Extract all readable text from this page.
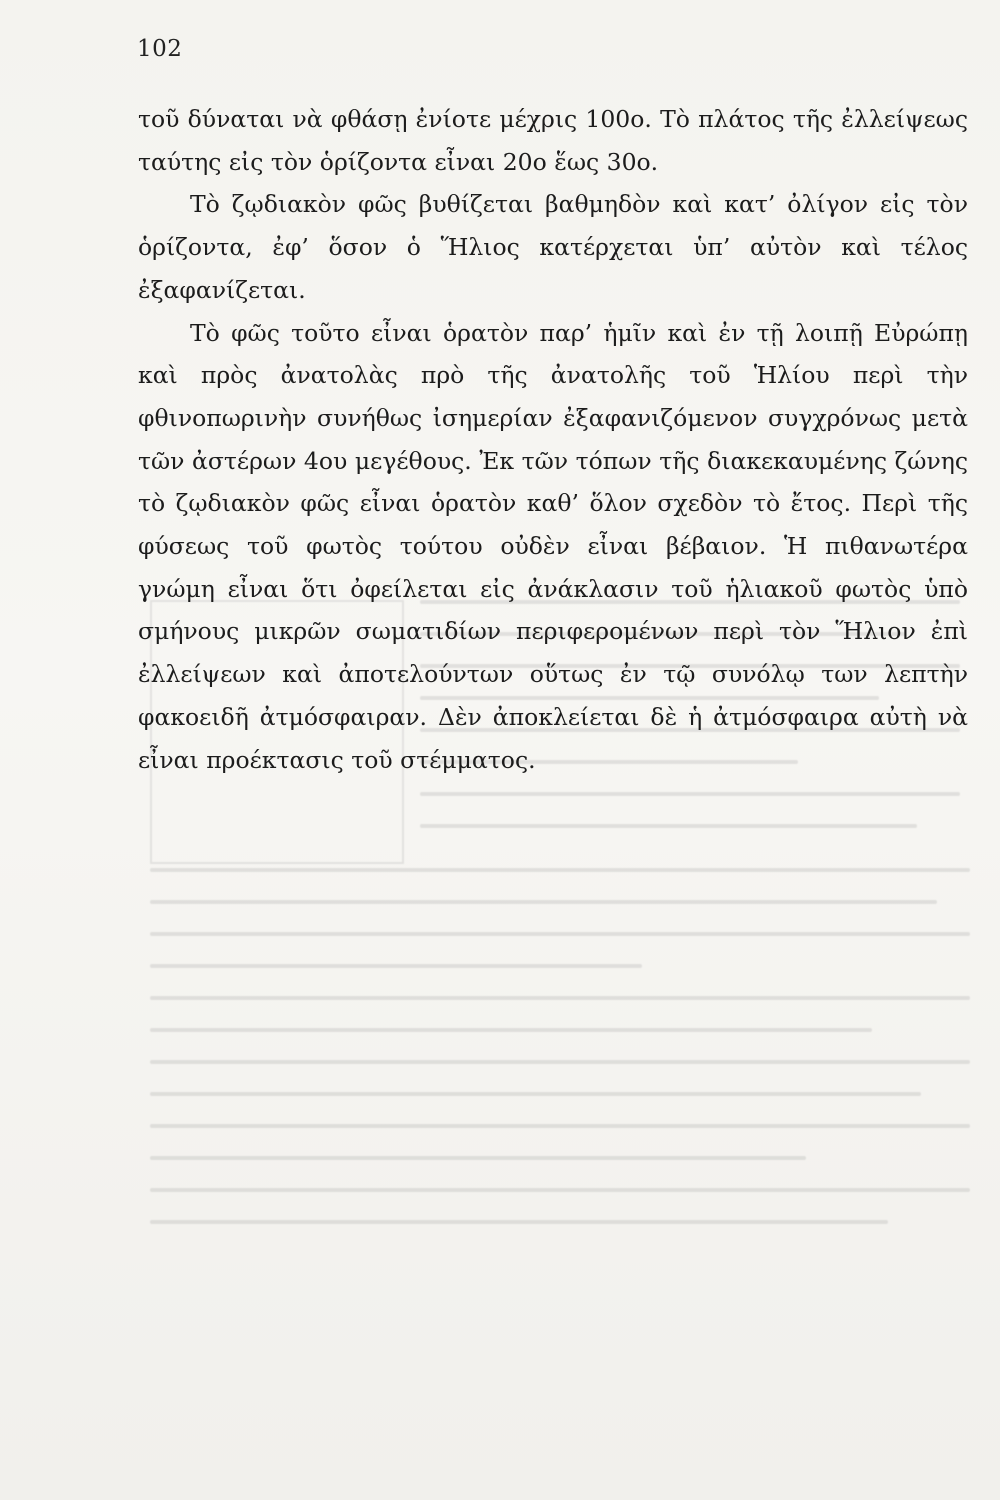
102

τοῦ δύναται νὰ φθάσῃ ἐνίοτε μέχρις 100ο. Τὸ πλάτος τῆς ἐλλείψεως ταύτης εἰς τὸν ὁρίζοντα εἶναι 20ο ἕως 30ο.

Τὸ ζῳδιακὸν φῶς βυθίζεται βαθμηδὸν καὶ κατ’ ὀλίγον εἰς τὸν ὁρίζοντα, ἐφ’ ὅσον ὁ Ἥλιος κατέρχεται ὑπ’ αὐτὸν καὶ τέλος ἐξαφανίζεται.

Τὸ φῶς τοῦτο εἶναι ὁρατὸν παρ’ ἡμῖν καὶ ἐν τῇ λοιπῇ Εὐρώπῃ καὶ πρὸς ἀνατολὰς πρὸ τῆς ἀνατολῆς τοῦ Ἡλίου περὶ τὴν φθινοπωρινὴν συνήθως ἰσημερίαν ἐξαφανιζόμενον συγχρόνως μετὰ τῶν ἀστέρων 4ου μεγέθους. Ἐκ τῶν τόπων τῆς διακεκαυμένης ζώνης τὸ ζῳδιακὸν φῶς εἶναι ὁρατὸν καθ’ ὅλον σχεδὸν τὸ ἔτος. Περὶ τῆς φύσεως τοῦ φωτὸς τούτου οὐδὲν εἶναι βέβαιον. Ἡ πιθανωτέρα γνώμη εἶναι ὅτι ὀφείλεται εἰς ἀνάκλασιν τοῦ ἡλιακοῦ φωτὸς ὑπὸ σμήνους μικρῶν σωματιδίων περιφερομένων περὶ τὸν Ἥλιον ἐπὶ ἐλλείψεων καὶ ἀποτελούντων οὕτως ἐν τῷ συνόλῳ των λεπτὴν φακοειδῆ ἀτμόσφαιραν. Δὲν ἀποκλείεται δὲ ἡ ἀτμόσφαιρα αὐτὴ νὰ εἶναι προέκτασις τοῦ στέμματος.
